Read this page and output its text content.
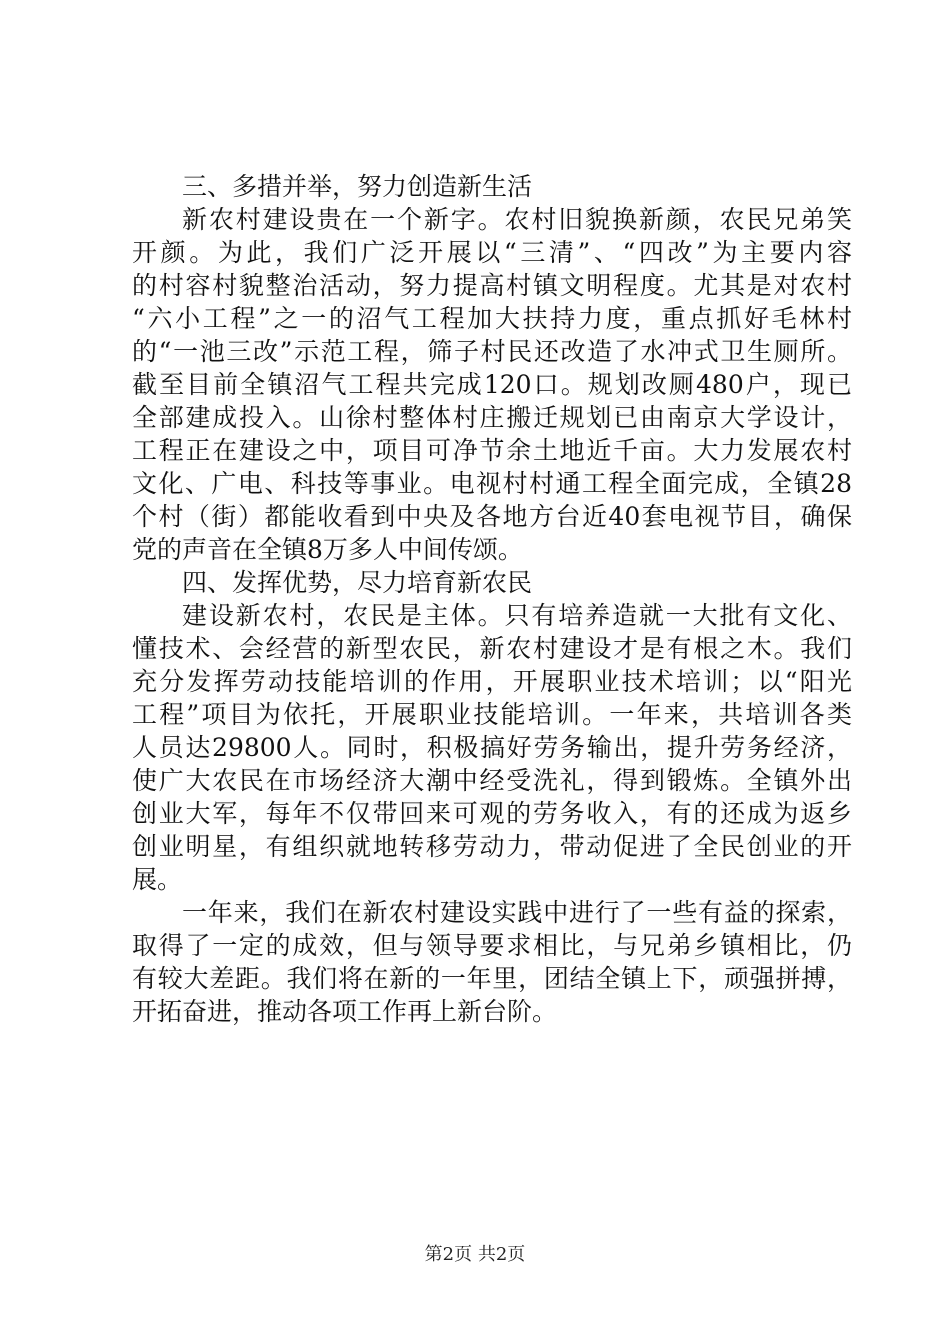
三、多措并举，努力创造新生活
新农村建设贵在一个新字。农村旧貌换新颜，农民兄弟笑
开颜。为此，我们广泛开展以“三清”、“四改”为主要内容
的村容村貌整治活动，努力提高村镇文明程度。尤其是对农村
“六小工程”之一的沼气工程加大扶持力度，重点抓好毛林村
的“一池三改”示范工程，筛子村民还改造了水冲式卫生厕所。
截至目前全镇沼气工程共完成120口。规划改厕480户，现已
全部建成投入。山徐村整体村庄搬迁规划已由南京大学设计，
工程正在建设之中，项目可净节余土地近千亩。大力发展农村
文化、广电、科技等事业。电视村村通工程全面完成，全镇28
个村（街）都能收看到中央及各地方台近40套电视节目，确保
党的声音在全镇8万多人中间传颂。
四、发挥优势，尽力培育新农民
建设新农村，农民是主体。只有培养造就一大批有文化、
懂技术、会经营的新型农民，新农村建设才是有根之木。我们
充分发挥劳动技能培训的作用，开展职业技术培训；以“阳光
工程”项目为依托，开展职业技能培训。一年来，共培训各类
人员达29800人。同时，积极搞好劳务输出，提升劳务经济，
使广大农民在市场经济大潮中经受洗礼，得到锻炼。全镇外出
创业大军，每年不仅带回来可观的劳务收入，有的还成为返乡
创业明星，有组织就地转移劳动力，带动促进了全民创业的开
展。
一年来，我们在新农村建设实践中进行了一些有益的探索，
取得了一定的成效，但与领导要求相比，与兄弟乡镇相比，仍
有较大差距。我们将在新的一年里，团结全镇上下，顽强拼搏，
开拓奋进，推动各项工作再上新台阶。
第2页 共2页
